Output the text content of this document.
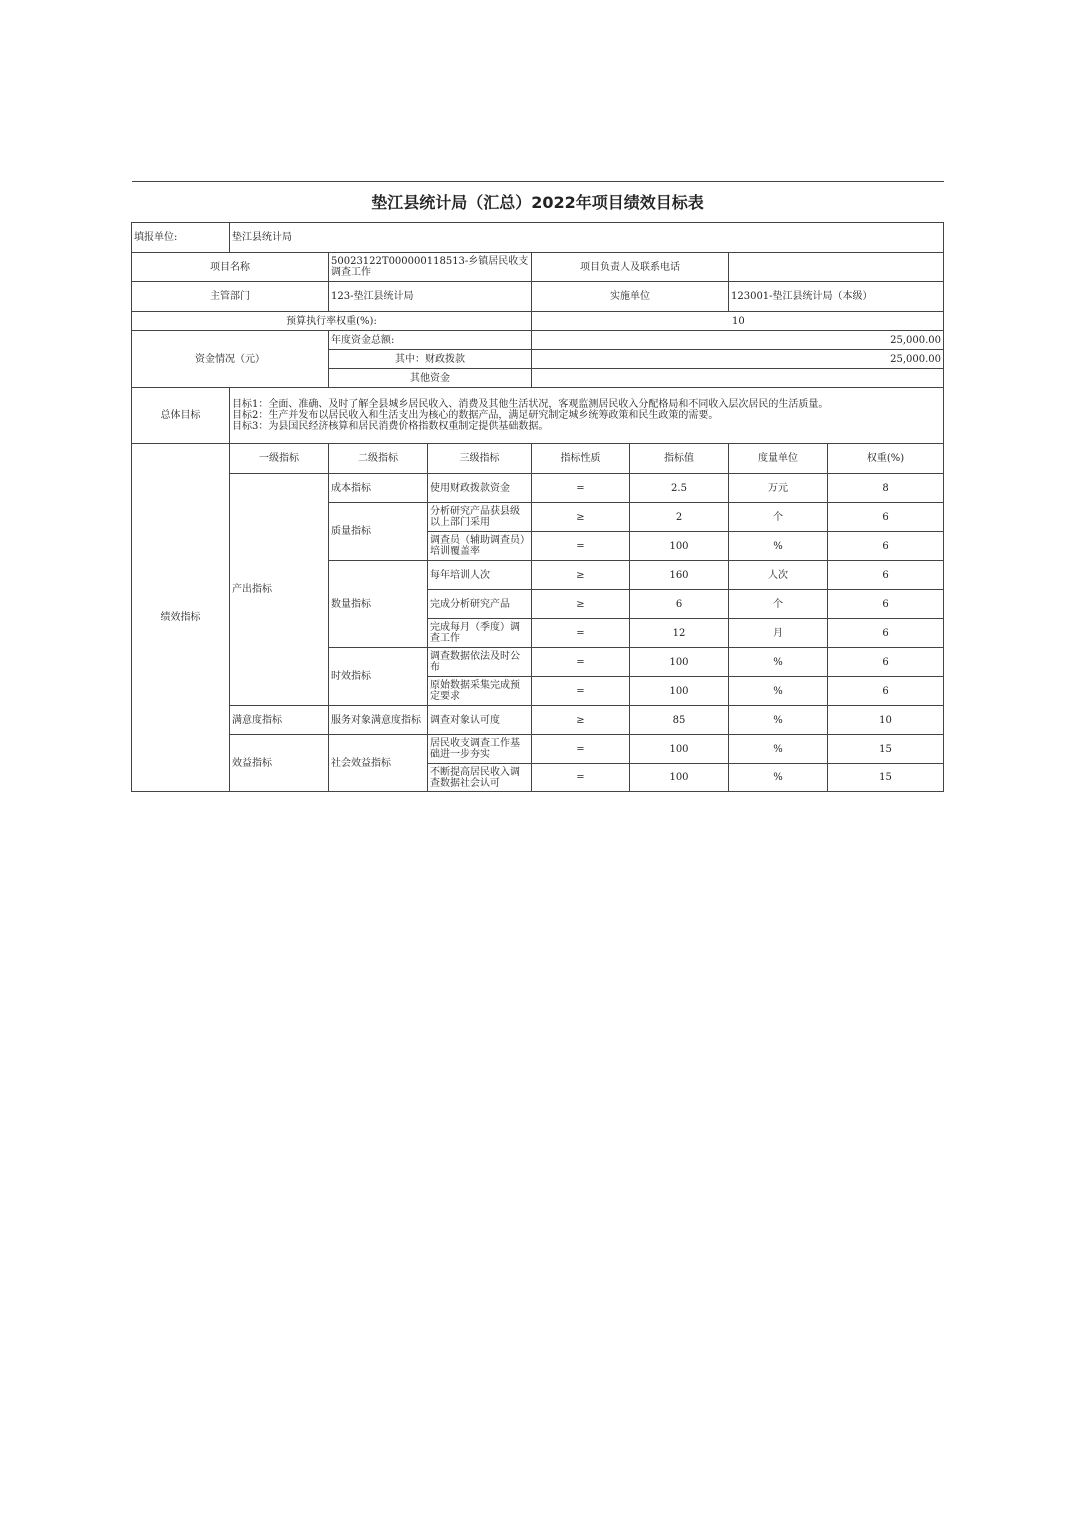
垫江县统计局（汇总）2022年项目绩效目标表							
填报单位:	垫江县统计局						
项目名称		50023122T000000118513-乡镇居民收支调查工作		项目负责人及联系电话			
主管部门		123-垫江县统计局		实施单位		123001-垫江县统计局（本级）	
预算执行率权重(%):				10			
资金情况（元）		年度资金总额:		25,000.00			
		其中：财政拨款		25,000.00			
		其他资金					
总体目标	目标1：全面、准确、及时了解全县城乡居民收入、消费及其他生活状况，客观监测居民收入分配格局和不同收入层次居民的生活质量。
目标2：生产并发布以居民收入和生活支出为核心的数据产品，满足研究制定城乡统筹政策和民生政策的需要。
目标3：为县国民经济核算和居民消费价格指数权重制定提供基础数据。						

绩效指标	一级指标	二级指标	三级指标	指标性质	指标值	度量单位	权重(%)
	产出指标	成本指标	使用财政拨款资金	=	2.5	万元	8
		质量指标	分析研究产品获县级以上部门采用	≥	2	个	6
			调查员（辅助调查员）培训覆盖率	=	100	%	6
		数量指标	每年培训人次	≥	160	人次	6
			完成分析研究产品	≥	6	个	6
			完成每月（季度）调查工作	=	12	月	6
		时效指标	调查数据依法及时公布	=	100	%	6
			原始数据采集完成预定要求	=	100	%	6
	满意度指标	服务对象满意度指标	调查对象认可度	≥	85	%	10
	效益指标	社会效益指标	居民收支调查工作基础进一步夯实	=	100	%	15
			不断提高居民收入调查数据社会认可	=	100	%	15
